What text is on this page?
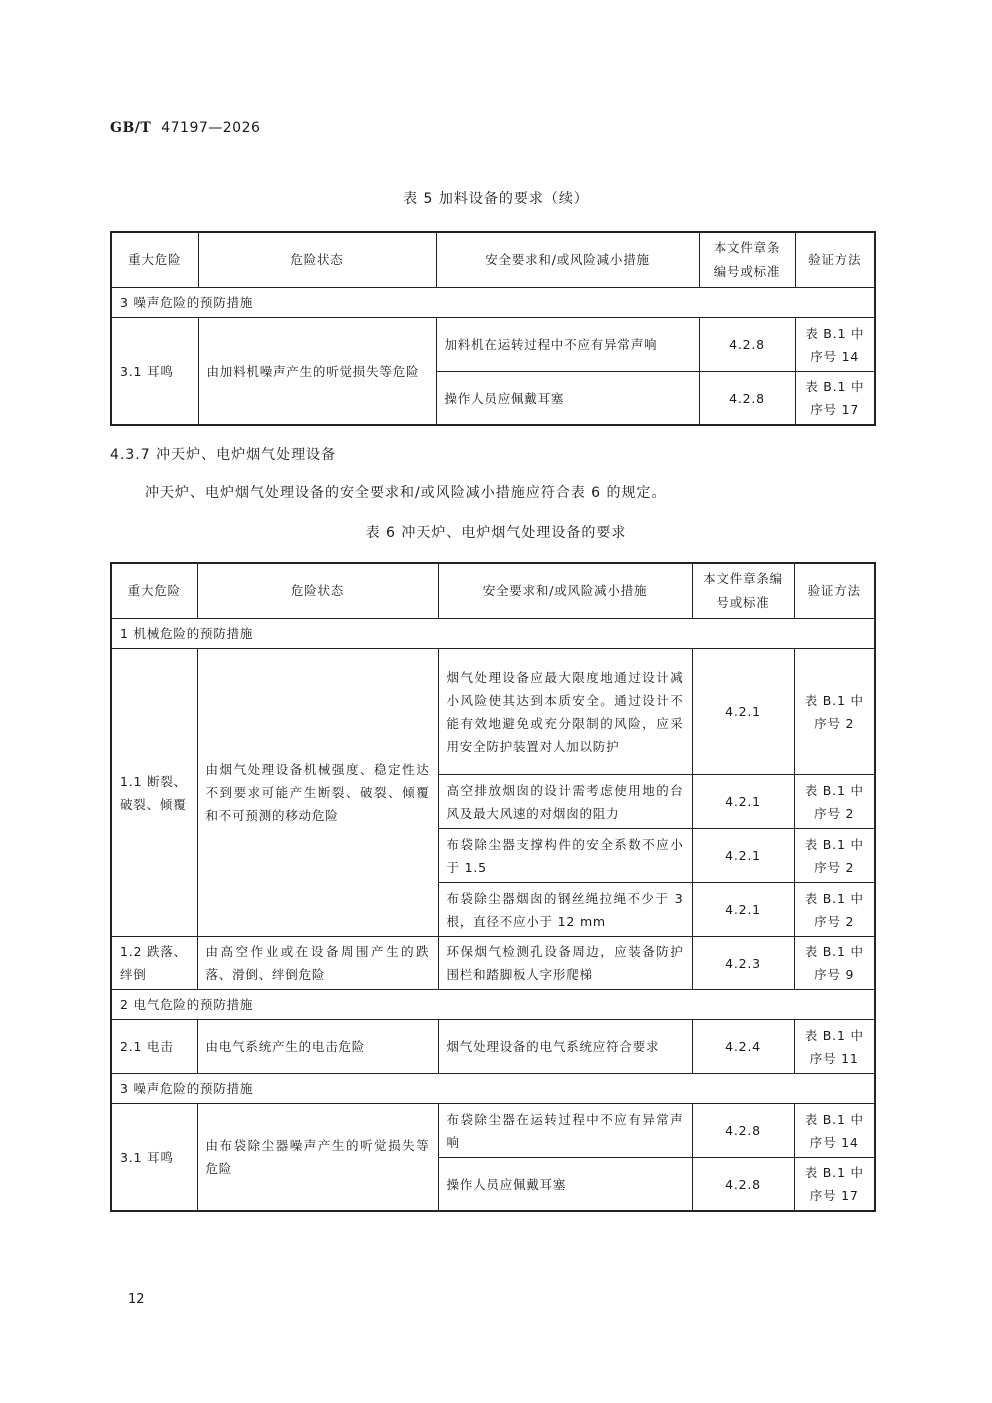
GB/T 47197—2026
表 5 加料设备的要求（续）
重大危险	危险状态	安全要求和/或风险减小措施	本文件章条编号或标准	验证方法
3 噪声危险的预防措施				
3.1 耳鸣	由加料机噪声产生的听觉损失等危险	加料机在运转过程中不应有异常声响	4.2.8	表 B.1 中
序号 14
		操作人员应佩戴耳塞	4.2.8	表 B.1 中
序号 17
4.3.7 冲天炉、电炉烟气处理设备
冲天炉、电炉烟气处理设备的安全要求和/或风险减小措施应符合表 6 的规定。
表 6 冲天炉、电炉烟气处理设备的要求
重大危险	危险状态	安全要求和/或风险减小措施	本文件章条编号或标准	验证方法
1 机械危险的预防措施				
1.1 断裂、破裂、倾覆	由烟气处理设备机械强度、稳定性达不到要求可能产生断裂、破裂、倾覆和不可预测的移动危险	烟气处理设备应最大限度地通过设计减小风险使其达到本质安全。通过设计不能有效地避免或充分限制的风险，应采用安全防护装置对人加以防护	4.2.1	表 B.1 中
序号 2
		高空排放烟囱的设计需考虑使用地的台风及最大风速的对烟囱的阻力	4.2.1	表 B.1 中
序号 2
		布袋除尘器支撑构件的安全系数不应小于 1.5	4.2.1	表 B.1 中
序号 2
		布袋除尘器烟囱的钢丝绳拉绳不少于 3 根，直径不应小于 12 mm	4.2.1	表 B.1 中
序号 2
1.2 跌落、绊倒	由高空作业或在设备周围产生的跌落、滑倒、绊倒危险	环保烟气检测孔设备周边，应装备防护围栏和踏脚板人字形爬梯	4.2.3	表 B.1 中
序号 9
2 电气危险的预防措施				
2.1 电击	由电气系统产生的电击危险	烟气处理设备的电气系统应符合要求	4.2.4	表 B.1 中
序号 11
3 噪声危险的预防措施				
3.1 耳鸣	由布袋除尘器噪声产生的听觉损失等危险	布袋除尘器在运转过程中不应有异常声响	4.2.8	表 B.1 中
序号 14
		操作人员应佩戴耳塞	4.2.8	表 B.1 中
序号 17
12
